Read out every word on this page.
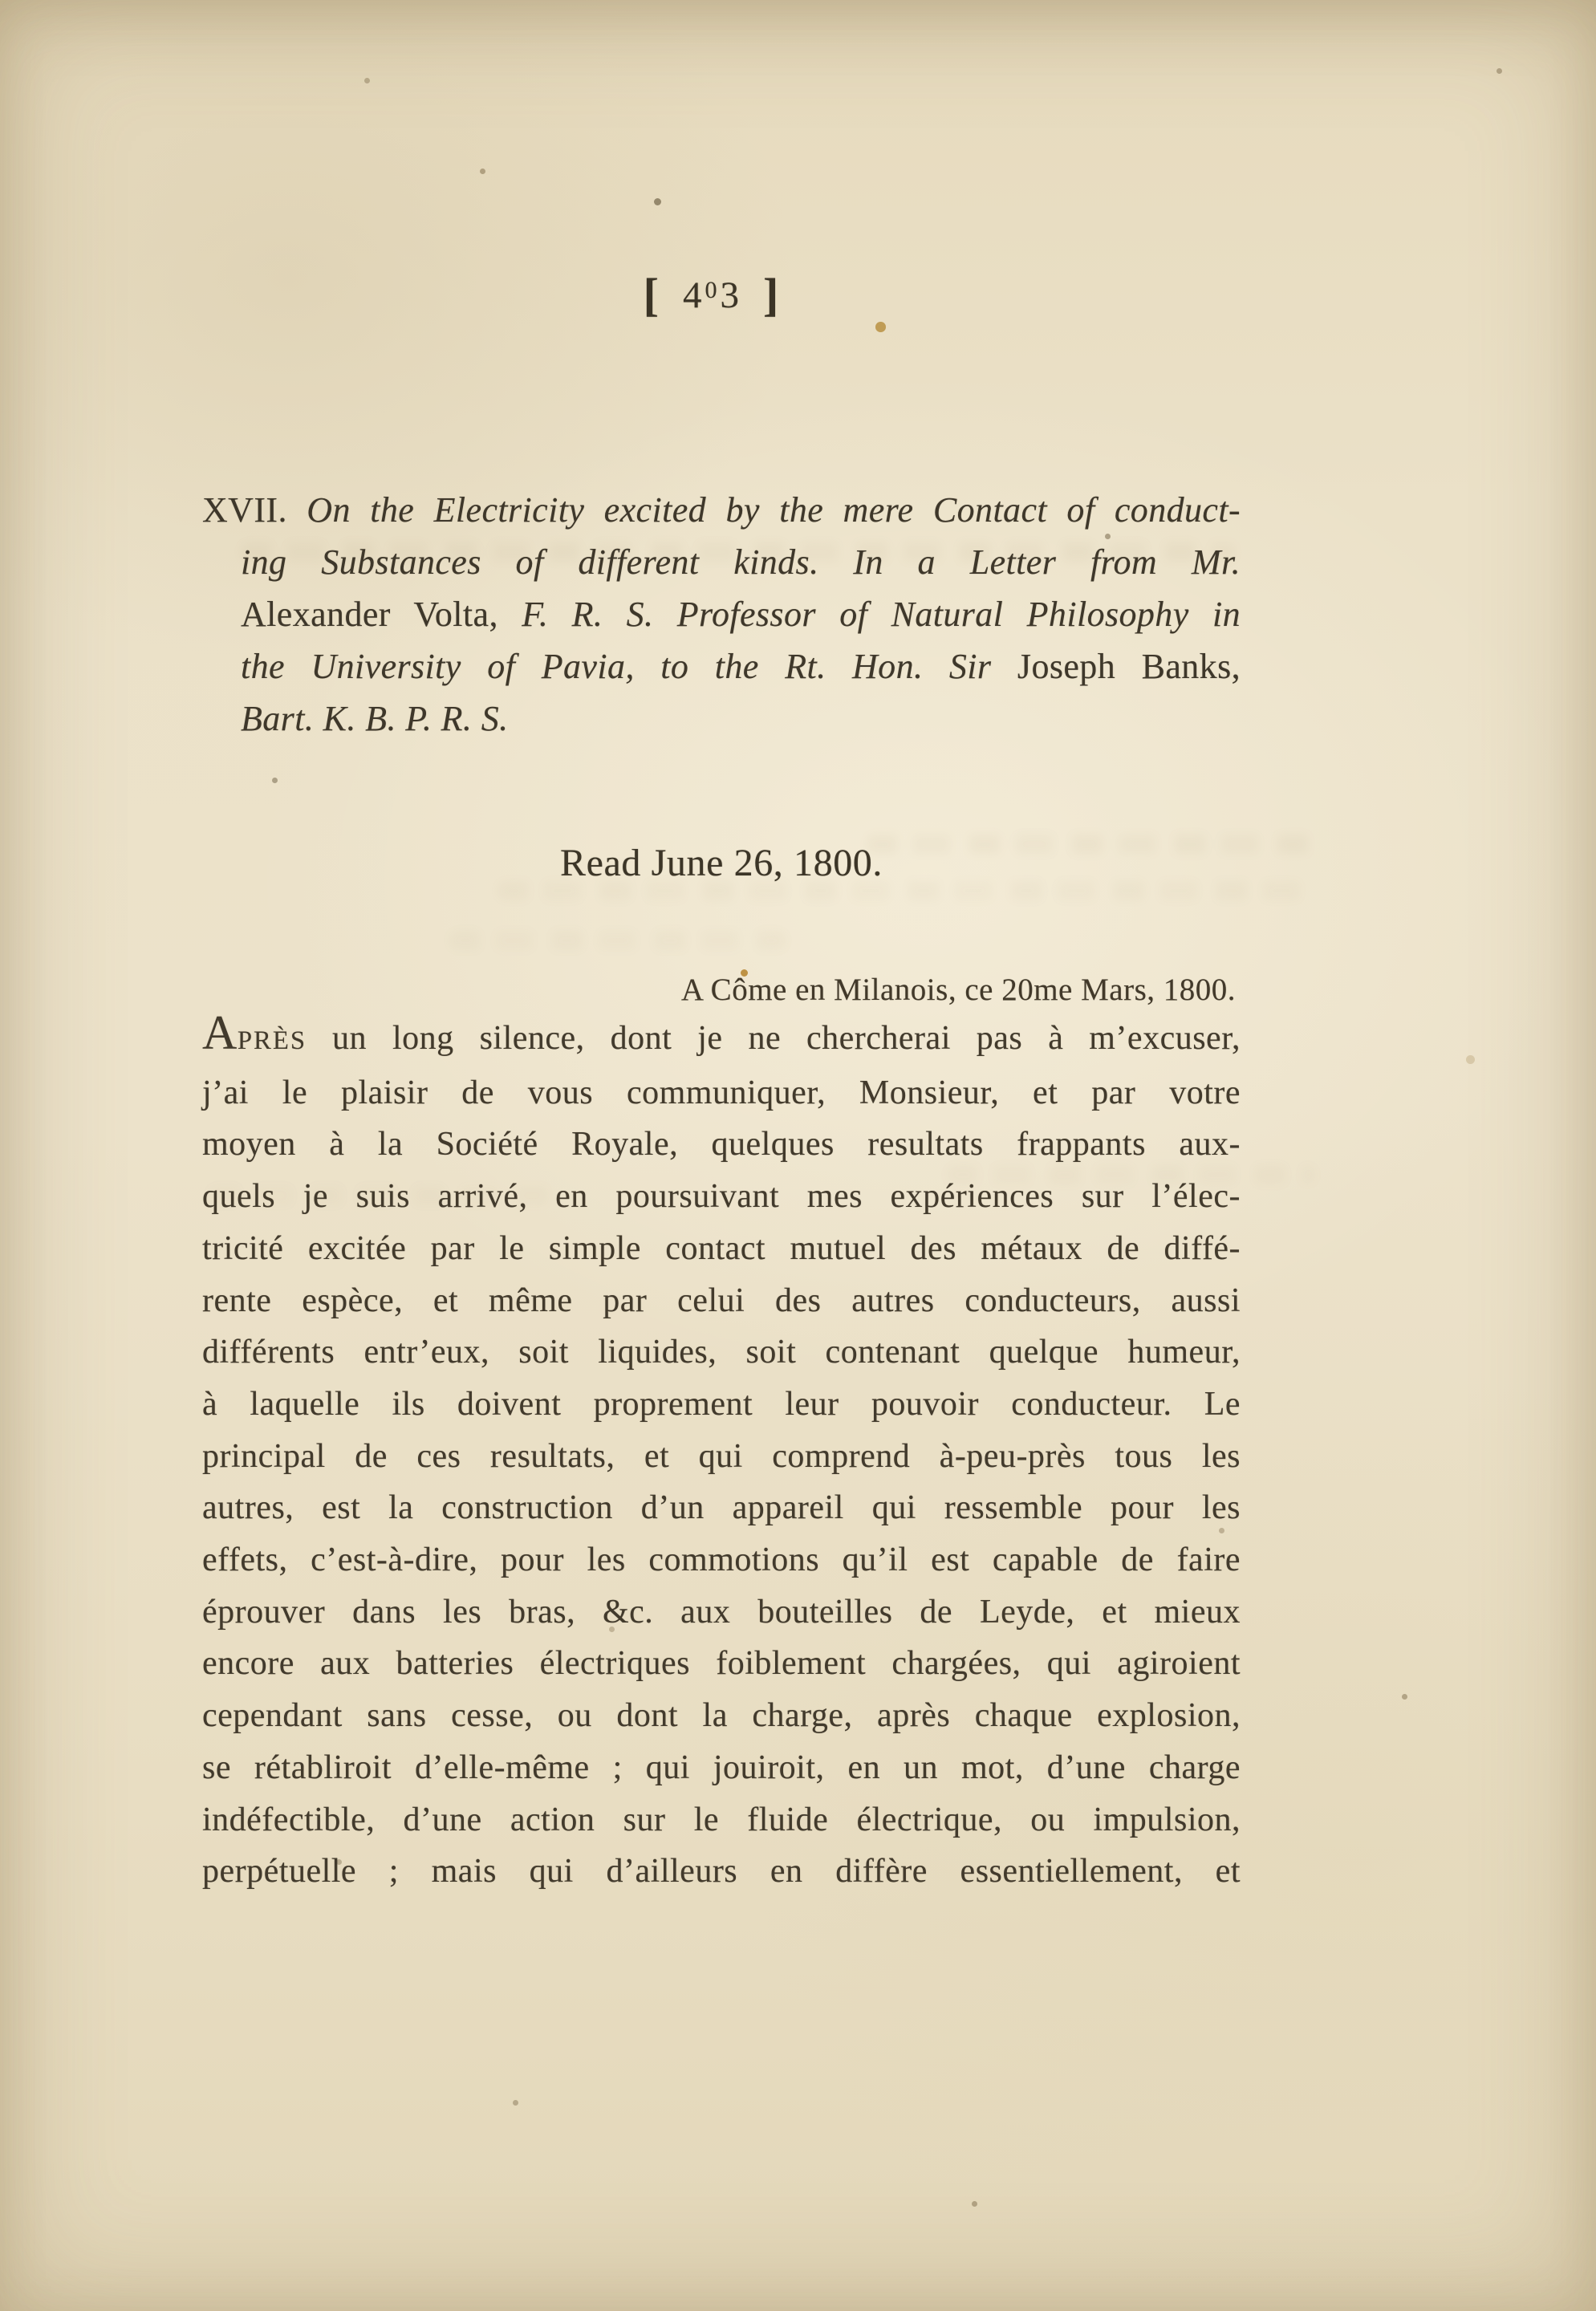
[ $4^03$ ]
XVII. On the Electricity excited by the mere Contact of conduct-
ing Substances of different kinds. In a Letter from Mr.
Alexander Volta, F. R. S. Professor of Natural Philosophy in
the University of Pavia, to the Rt. Hon. Sir Joseph Banks,
Bart. K. B. P. R. S.
Read June 26, 1800.
A Côme en Milanois, ce 20me Mars, 1800.
APRÈS un long silence, dont je ne chercherai pas à m’excuser,
j’ai le plaisir de vous communiquer, Monsieur, et par votre
moyen à la Société Royale, quelques resultats frappants aux-
quels je suis arrivé, en poursuivant mes expériences sur l’élec-
tricité excitée par le simple contact mutuel des métaux de diffé-
rente espèce, et même par celui des autres conducteurs, aussi
différents entr’eux, soit liquides, soit contenant quelque humeur,
à laquelle ils doivent proprement leur pouvoir conducteur. Le
principal de ces resultats, et qui comprend à-peu-près tous les
autres, est la construction d’un appareil qui ressemble pour les
effets, c’est-à-dire, pour les commotions qu’il est capable de faire
éprouver dans les bras, &c. aux bouteilles de Leyde, et mieux
encore aux batteries électriques foiblement chargées, qui agiroient
cependant sans cesse, ou dont la charge, après chaque explosion,
se rétabliroit d’elle-même ; qui jouiroit, en un mot, d’une charge
indéfectible, d’une action sur le fluide électrique, ou impulsion,
perpétuelle ; mais qui d’ailleurs en diffère essentiellement, et
